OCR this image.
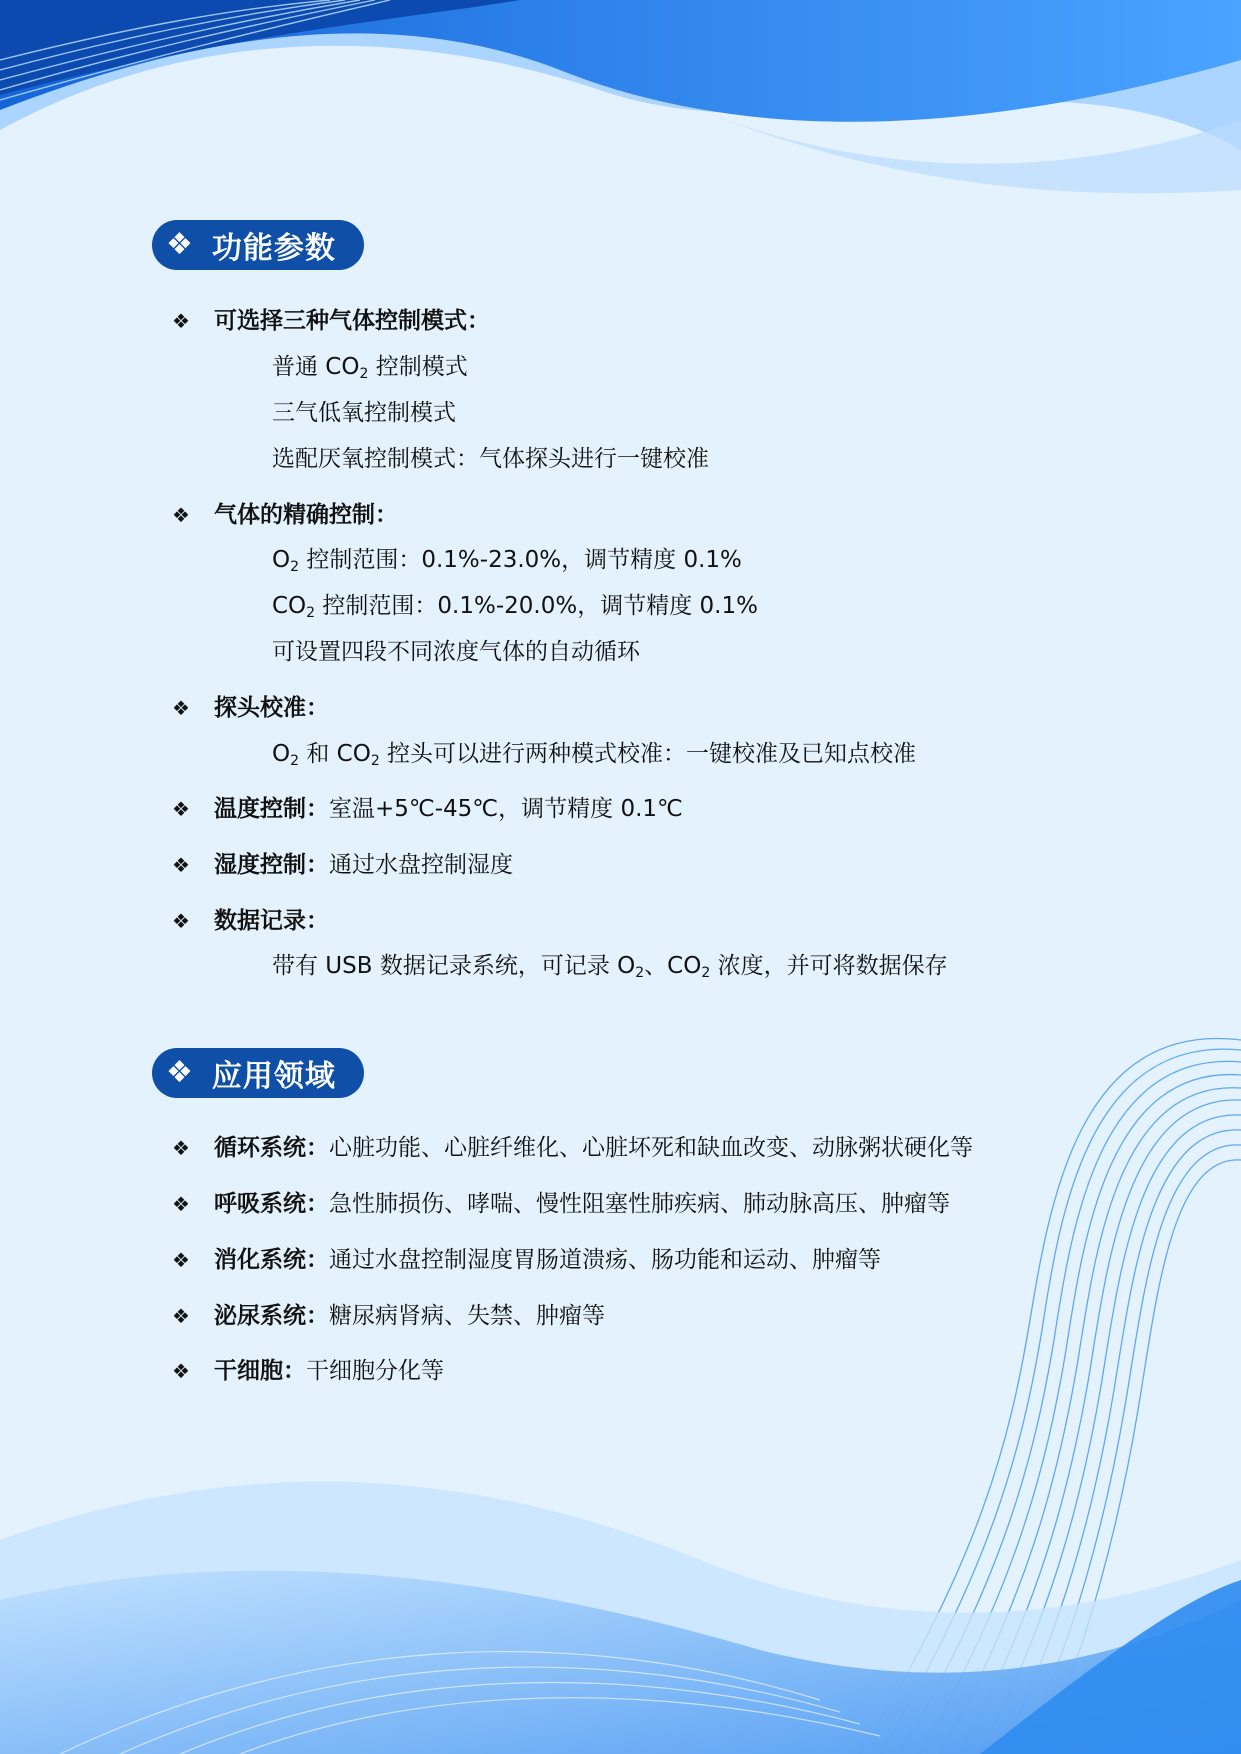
❖ 功能参数
❖ 可选择三种气体控制模式：
普通 $CO_2$ 控制模式
三气低氧控制模式
选配厌氧控制模式：气体探头进行一键校准
❖ 气体的精确控制：
$O_2$ 控制范围：0.1%-23.0%，调节精度 0.1%
$CO_2$ 控制范围：0.1%-20.0%，调节精度 0.1%
可设置四段不同浓度气体的自动循环
❖ 探头校准：
$O_2$ 和 $CO_2$ 控头可以进行两种模式校准：一键校准及已知点校准
❖ 温度控制：室温+5℃-45℃，调节精度 0.1℃
❖ 湿度控制：通过水盘控制湿度
❖ 数据记录：
带有 USB 数据记录系统，可记录 $O_2$、$CO_2$ 浓度，并可将数据保存
❖ 应用领域
❖ 循环系统：心脏功能、心脏纤维化、心脏坏死和缺血改变、动脉粥状硬化等
❖ 呼吸系统：急性肺损伤、哮喘、慢性阻塞性肺疾病、肺动脉高压、肿瘤等
❖ 消化系统：通过水盘控制湿度胃肠道溃疡、肠功能和运动、肿瘤等
❖ 泌尿系统：糖尿病肾病、失禁、肿瘤等
❖ 干细胞：干细胞分化等
